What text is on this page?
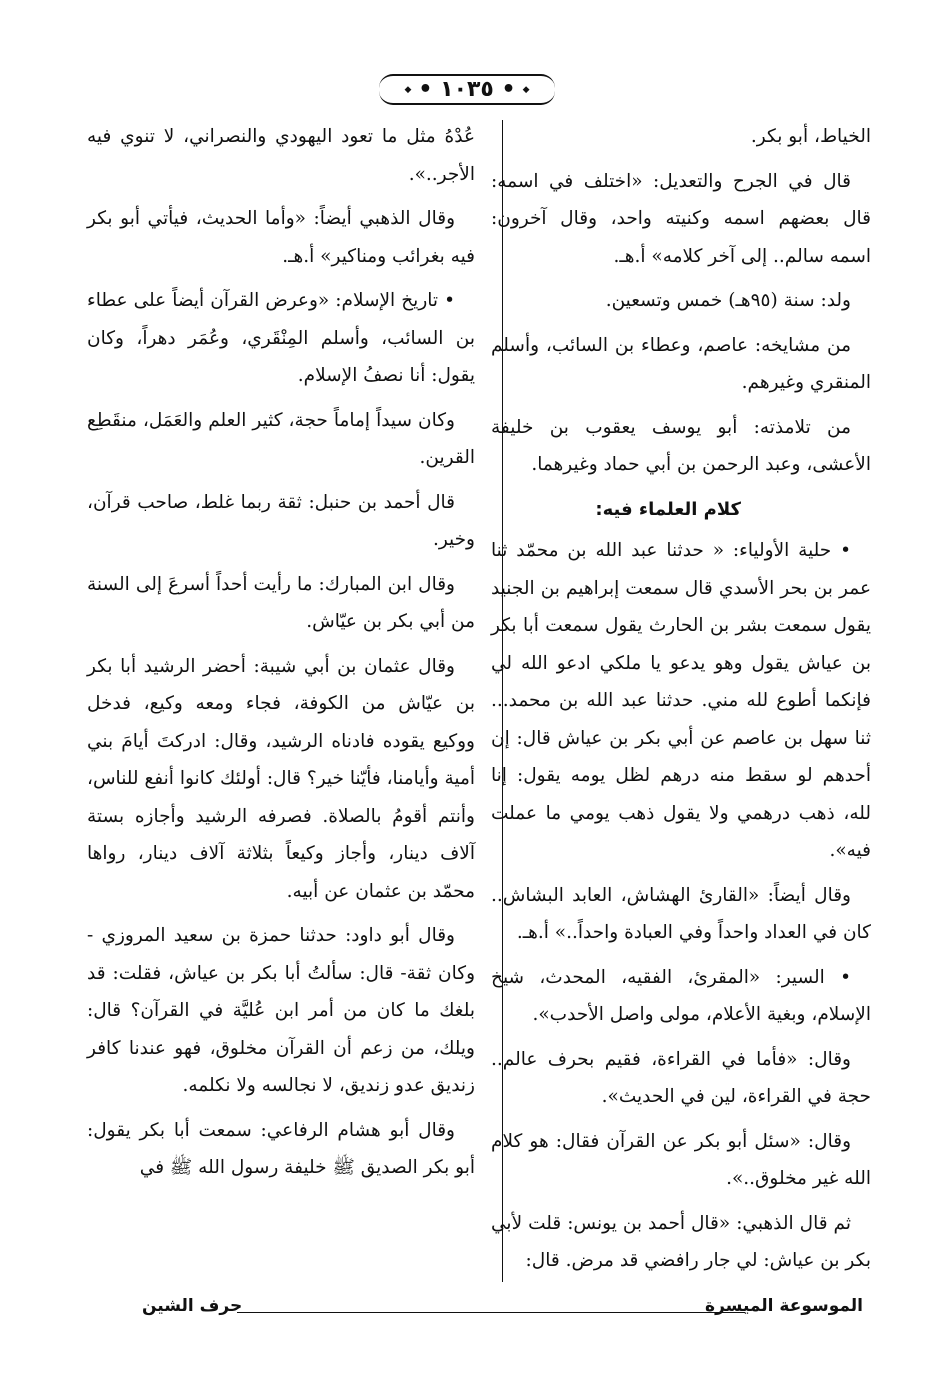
◆ • ١٠٣٥ • ◆

الخياط، أبو بكر.

قال في الجرح والتعديل: «اختلف في اسمه: قال بعضهم اسمه وكنيته واحد، وقال آخرون: اسمه سالم.. إلى آخر كلامه» أ.هـ.

ولد: سنة (٩٥هـ) خمس وتسعين.

من مشايخه: عاصم، وعطاء بن السائب، وأسلم المنقري وغيرهم.

من تلامذته: أبو يوسف يعقوب بن خليفة الأعشى، وعبد الرحمن بن أبي حماد وغيرهما.

كلام العلماء فيه:

• حلية الأولياء: « حدثنا عبد الله بن محمّد ثنا عمر بن بحر الأسدي قال سمعت إبراهيم بن الجنيد يقول سمعت بشر بن الحارث يقول سمعت أبا بكر بن عياش يقول وهو يدعو يا ملكي ادعو الله لي فإنكما أطوع لله مني. حدثنا عبد الله بن محمد... ثنا سهل بن عاصم عن أبي بكر بن عياش قال: إن أحدهم لو سقط منه درهم لظل يومه يقول: إنا لله، ذهب درهمي ولا يقول ذهب يومي ما عملت فيه».

وقال أيضاً: «القارئ الهشاش، العابد البشاش.. كان في العداد واحداً وفي العبادة واحداً..» أ.هـ.

• السير: «المقرئ، الفقيه، المحدث، شيخ الإسلام، وبغية الأعلام، مولى واصل الأحدب».

وقال: «فأما في القراءة، فقيم بحرف عالم.. حجة في القراءة، لين في الحديث».

وقال: «سئل أبو بكر عن القرآن فقال: هو كلام الله غير مخلوق..».

ثم قال الذهبي: «قال أحمد بن يونس: قلت لأبي بكر بن عياش: لي جار رافضي قد مرض. قال:

عُدْهُ مثل ما تعود اليهودي والنصراني، لا تنوي فيه الأجر..».

وقال الذهبي أيضاً: «وأما الحديث، فيأتي أبو بكر فيه بغرائب ومناكير» أ.هـ.

• تاريخ الإسلام: «وعرض القرآن أيضاً على عطاء بن السائب، وأسلم المِنْقَري، وعُمَر دهراً، وكان يقول: أنا نصفُ الإسلام.

وكان سيداً إماماً حجة، كثير العلم والعَمَل، منقَطِع القرين.

قال أحمد بن حنبل: ثقة ربما غلط، صاحب قرآن، وخير.

وقال ابن المبارك: ما رأيت أحداً أسرعَ إلى السنة من أبي بكر بن عيّاش.

وقال عثمان بن أبي شيبة: أحضر الرشيد أبا بكر بن عيّاش من الكوفة، فجاء ومعه وكيع، فدخل ووكيع يقوده فادناه الرشيد، وقال: ادركتَ أيامَ بني أمية وأيامنا، فأيّنا خير؟ قال: أولئك كانوا أنفع للناس، وأنتم أقومُ بالصلاة. فصرفه الرشيد وأجازه بستة آلاف دينار، وأجاز وكيعاً بثلاثة آلاف دينار، رواها محمّد بن عثمان عن أبيه.

وقال أبو داود: حدثنا حمزة بن سعيد المروزي - وكان ثقة- قال: سألتُ أبا بكر بن عياش، فقلت: قد بلغك ما كان من أمر ابن عُليَّة في القرآن؟ قال: ويلك، من زعم أن القرآن مخلوق، فهو عندنا كافر زنديق عدو زنديق، لا نجالسه ولا نكلمه.

وقال أبو هشام الرفاعي: سمعت أبا بكر يقول: أبو بكر الصديق ﷺ خليفة رسول الله ﷺ في

الموسوعة الميسرة
حرف الشين
